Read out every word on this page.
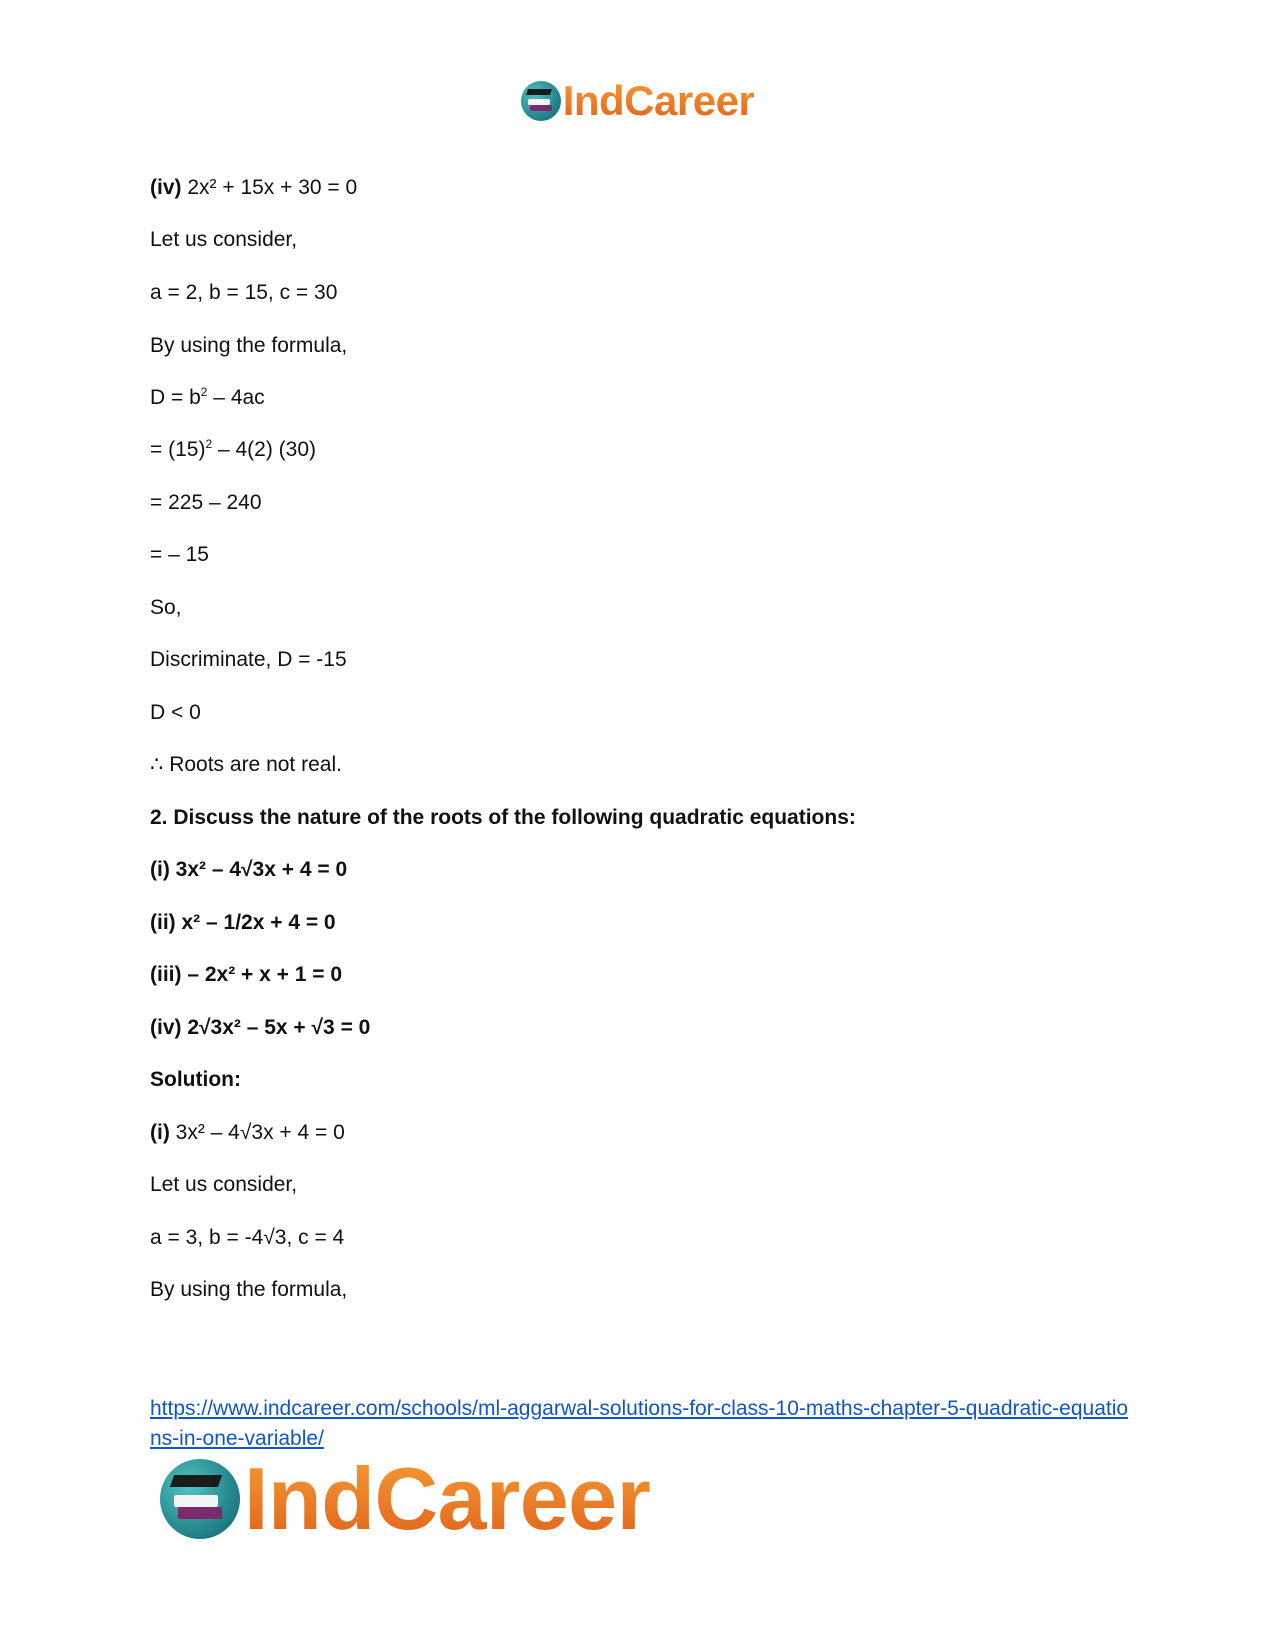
IndCareer
(iv) 2x² + 15x + 30 = 0
Let us consider,
a = 2, b = 15, c = 30
By using the formula,
$D = b^2 - 4ac$
= $(15)^2 - 4(2)$ (30)
= 225 – 240
= – 15
So,
Discriminate, D = -15
D < 0
∴ Roots are not real.
2. Discuss the nature of the roots of the following quadratic equations:
(i) 3x² – 4√3x + 4 = 0
(ii) x² – 1/2x + 4 = 0
(iii) – 2x² + x + 1 = 0
(iv) 2√3x² – 5x + √3 = 0
Solution:
(i) 3x² – 4√3x + 4 = 0
Let us consider,
a = 3, b = -4√3, c = 4
By using the formula,
https://www.indcareer.com/schools/ml-aggarwal-solutions-for-class-10-maths-chapter-5-quadratic-equations-in-one-variable/
IndCareer
